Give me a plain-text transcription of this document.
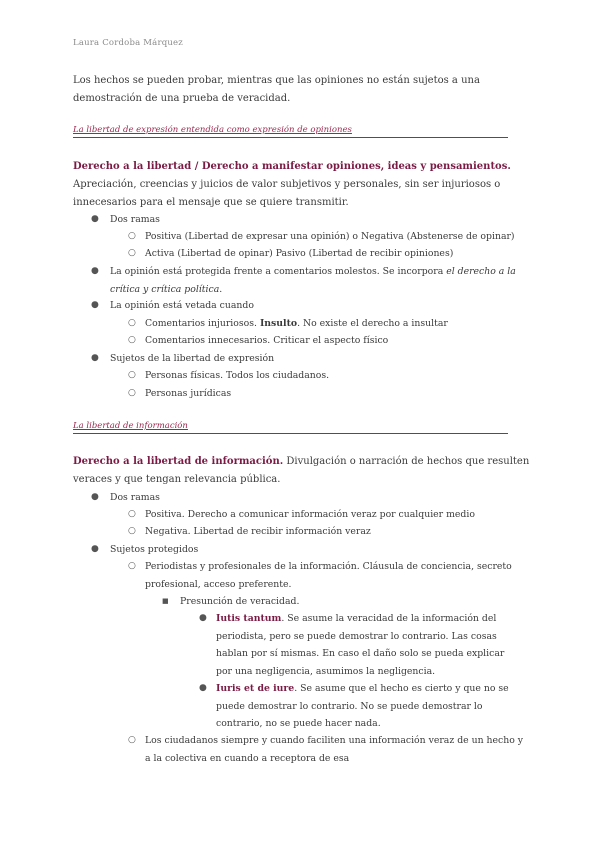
Laura Cordoba Márquez
Los hechos se pueden probar, mientras que las opiniones no están sujetos a una demostración de una prueba de veracidad.
La libertad de expresión entendida como expresión de opiniones
Derecho a la libertad / Derecho a manifestar opiniones, ideas y pensamientos. Apreciación, creencias y juicios de valor subjetivos y personales, sin ser injuriosos o innecesarios para el mensaje que se quiere transmitir.
● Dos ramas
○ Positiva (Libertad de expresar una opinión) o Negativa (Abstenerse de opinar)
○ Activa (Libertad de opinar) Pasivo (Libertad de recibir opiniones)
● La opinión está protegida frente a comentarios molestos. Se incorpora el derecho a la crítica y crítica política.
● La opinión está vetada cuando
○ Comentarios injuriosos. Insulto. No existe el derecho a insultar
○ Comentarios innecesarios. Criticar el aspecto físico
● Sujetos de la libertad de expresión
○ Personas físicas. Todos los ciudadanos.
○ Personas jurídicas
La libertad de información
Derecho a la libertad de información. Divulgación o narración de hechos que resulten veraces y que tengan relevancia pública.
● Dos ramas
○ Positiva. Derecho a comunicar información veraz por cualquier medio
○ Negativa. Libertad de recibir información veraz
● Sujetos protegidos
○ Periodistas y profesionales de la información. Cláusula de conciencia, secreto profesional, acceso preferente.
■ Presunción de veracidad.
● Iutis tantum. Se asume la veracidad de la información del periodista, pero se puede demostrar lo contrario. Las cosas hablan por sí mismas. En caso el daño solo se pueda explicar por una negligencia, asumimos la negligencia.
● Iuris et de iure. Se asume que el hecho es cierto y que no se puede demostrar lo contrario. No se puede demostrar lo contrario, no se puede hacer nada.
○ Los ciudadanos siempre y cuando faciliten una información veraz de un hecho y a la colectiva en cuando a receptora de esa
